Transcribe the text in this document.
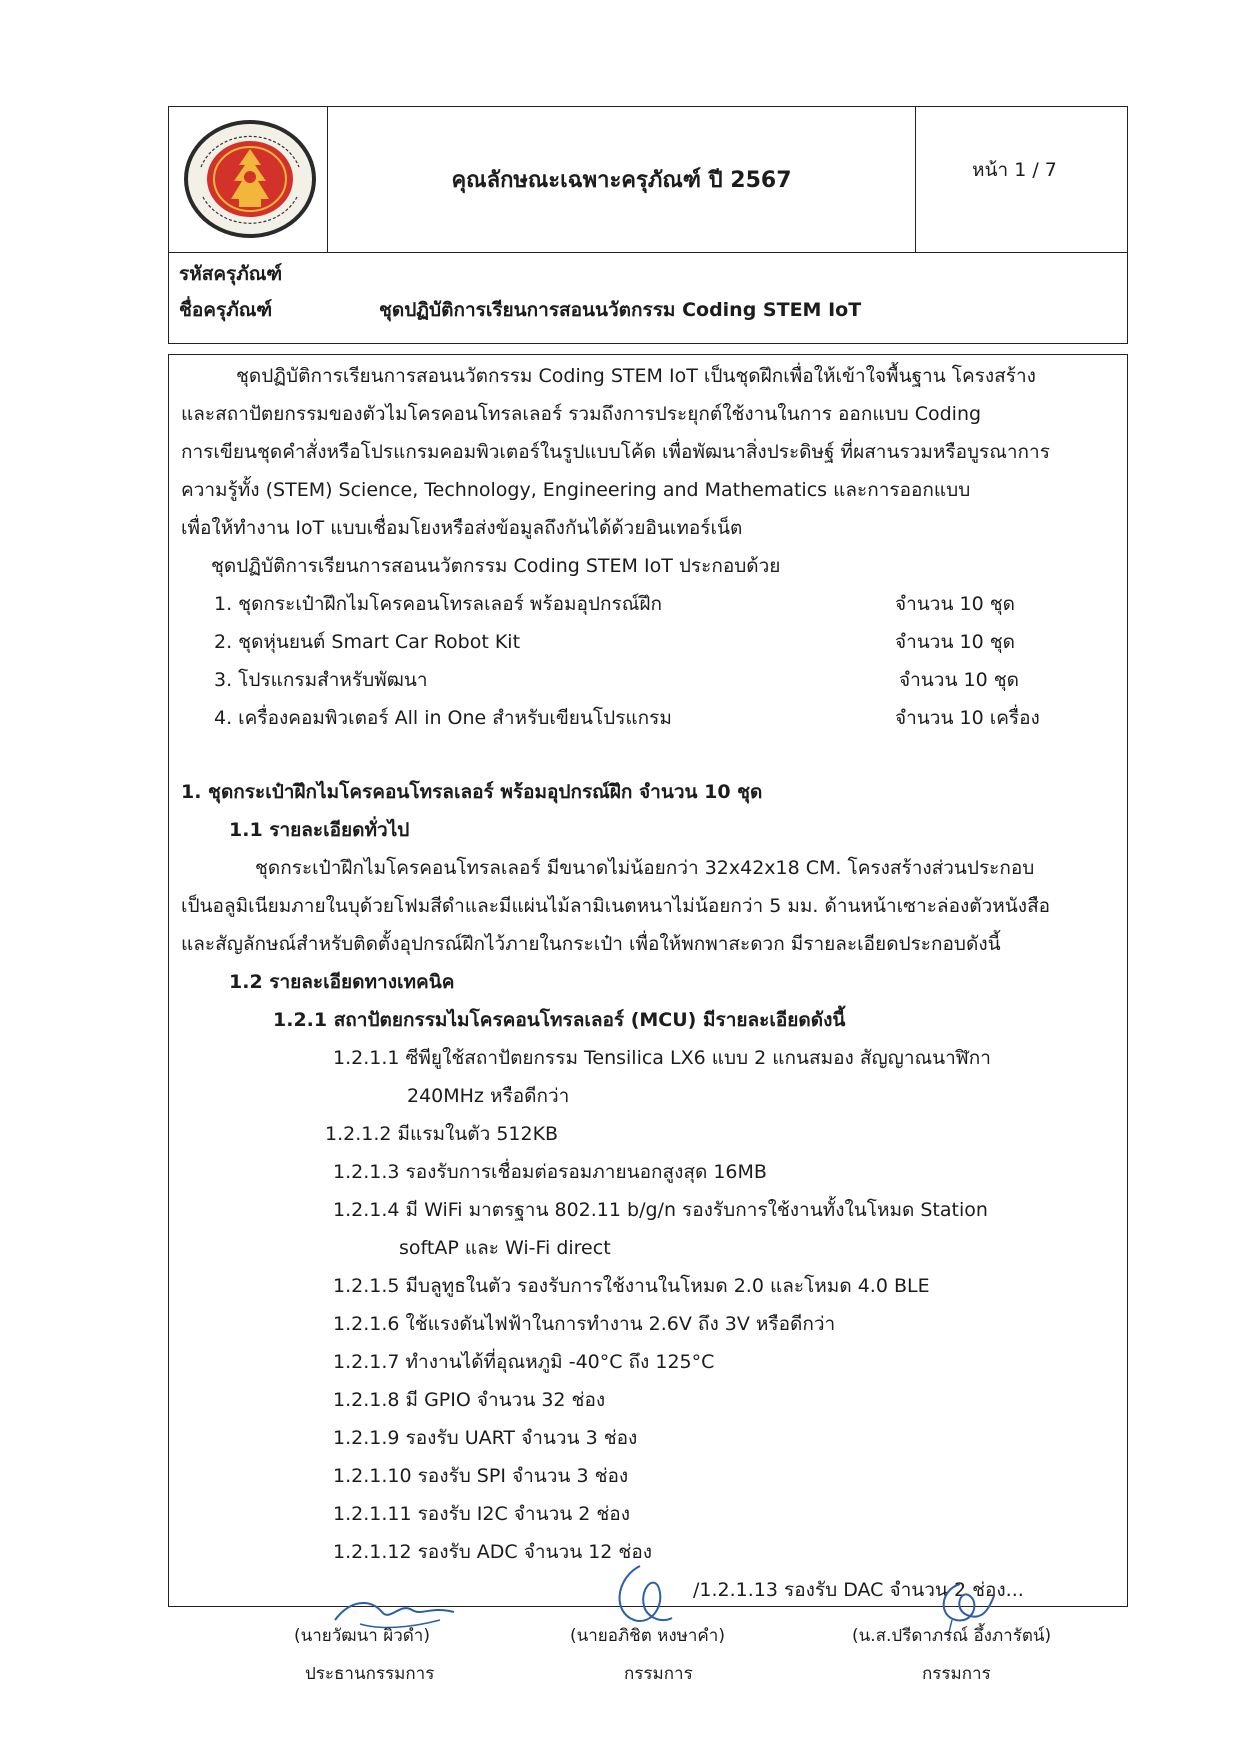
คุณลักษณะเฉพาะครุภัณฑ์ ปี 2567	หน้า 1 / 7
รหัสครุภัณฑ์
ชื่อครุภัณฑ์	ชุดปฏิบัติการเรียนการสอนนวัตกรรม Coding STEM IoT
ชุดปฏิบัติการเรียนการสอนนวัตกรรม Coding STEM IoT เป็นชุดฝึกเพื่อให้เข้าใจพื้นฐาน โครงสร้าง
และสถาปัตยกรรมของตัวไมโครคอนโทรลเลอร์ รวมถึงการประยุกต์ใช้งานในการ ออกแบบ Coding
การเขียนชุดคำสั่งหรือโปรแกรมคอมพิวเตอร์ในรูปแบบโค้ด เพื่อพัฒนาสิ่งประดิษฐ์ ที่ผสานรวมหรือบูรณาการ
ความรู้ทั้ง (STEM) Science, Technology, Engineering and Mathematics และการออกแบบ
เพื่อให้ทำงาน IoT แบบเชื่อมโยงหรือส่งข้อมูลถึงกันได้ด้วยอินเทอร์เน็ต
ชุดปฏิบัติการเรียนการสอนนวัตกรรม Coding STEM IoT ประกอบด้วย
1. ชุดกระเป๋าฝึกไมโครคอนโทรลเลอร์ พร้อมอุปกรณ์ฝึก	จำนวน 10 ชุด
2. ชุดหุ่นยนต์ Smart Car Robot Kit	จำนวน 10 ชุด
3. โปรแกรมสำหรับพัฒนา	จำนวน 10 ชุด
4. เครื่องคอมพิวเตอร์ All in One สำหรับเขียนโปรแกรม	จำนวน 10 เครื่อง
1. ชุดกระเป๋าฝึกไมโครคอนโทรลเลอร์ พร้อมอุปกรณ์ฝึก จำนวน 10 ชุด
1.1 รายละเอียดทั่วไป
ชุดกระเป๋าฝึกไมโครคอนโทรลเลอร์ มีขนาดไม่น้อยกว่า 32x42x18 CM. โครงสร้างส่วนประกอบ
เป็นอลูมิเนียมภายในบุด้วยโฟมสีดำและมีแผ่นไม้ลามิเนตหนาไม่น้อยกว่า 5 มม. ด้านหน้าเซาะล่องตัวหนังสือ
และสัญลักษณ์สำหรับติดตั้งอุปกรณ์ฝึกไว้ภายในกระเป๋า เพื่อให้พกพาสะดวก มีรายละเอียดประกอบดังนี้
1.2 รายละเอียดทางเทคนิค
1.2.1 สถาปัตยกรรมไมโครคอนโทรลเลอร์ (MCU) มีรายละเอียดดังนี้
1.2.1.1 ซีพียูใช้สถาปัตยกรรม Tensilica LX6 แบบ 2 แกนสมอง สัญญาณนาฬิกา
240MHz หรือดีกว่า
1.2.1.2 มีแรมในตัว 512KB
1.2.1.3 รองรับการเชื่อมต่อรอมภายนอกสูงสุด 16MB
1.2.1.4 มี WiFi มาตรฐาน 802.11 b/g/n รองรับการใช้งานทั้งในโหมด Station
softAP และ Wi-Fi direct
1.2.1.5 มีบลูทูธในตัว รองรับการใช้งานในโหมด 2.0 และโหมด 4.0 BLE
1.2.1.6 ใช้แรงดันไฟฟ้าในการทำงาน 2.6V ถึง 3V หรือดีกว่า
1.2.1.7 ทำงานได้ที่อุณหภูมิ -40°C ถึง 125°C
1.2.1.8 มี GPIO จำนวน 32 ช่อง
1.2.1.9 รองรับ UART จำนวน 3 ช่อง
1.2.1.10 รองรับ SPI จำนวน 3 ช่อง
1.2.1.11 รองรับ I2C จำนวน 2 ช่อง
1.2.1.12 รองรับ ADC จำนวน 12 ช่อง
/1.2.1.13 รองรับ DAC จำนวน 2 ช่อง...
(นายวัฒนา ผิวดำ)
ประธานกรรมการ
(นายอภิชิต หงษาคำ)
กรรมการ
(น.ส.ปรีดาภรณ์ อึ้งภารัตน์)
กรรมการ
